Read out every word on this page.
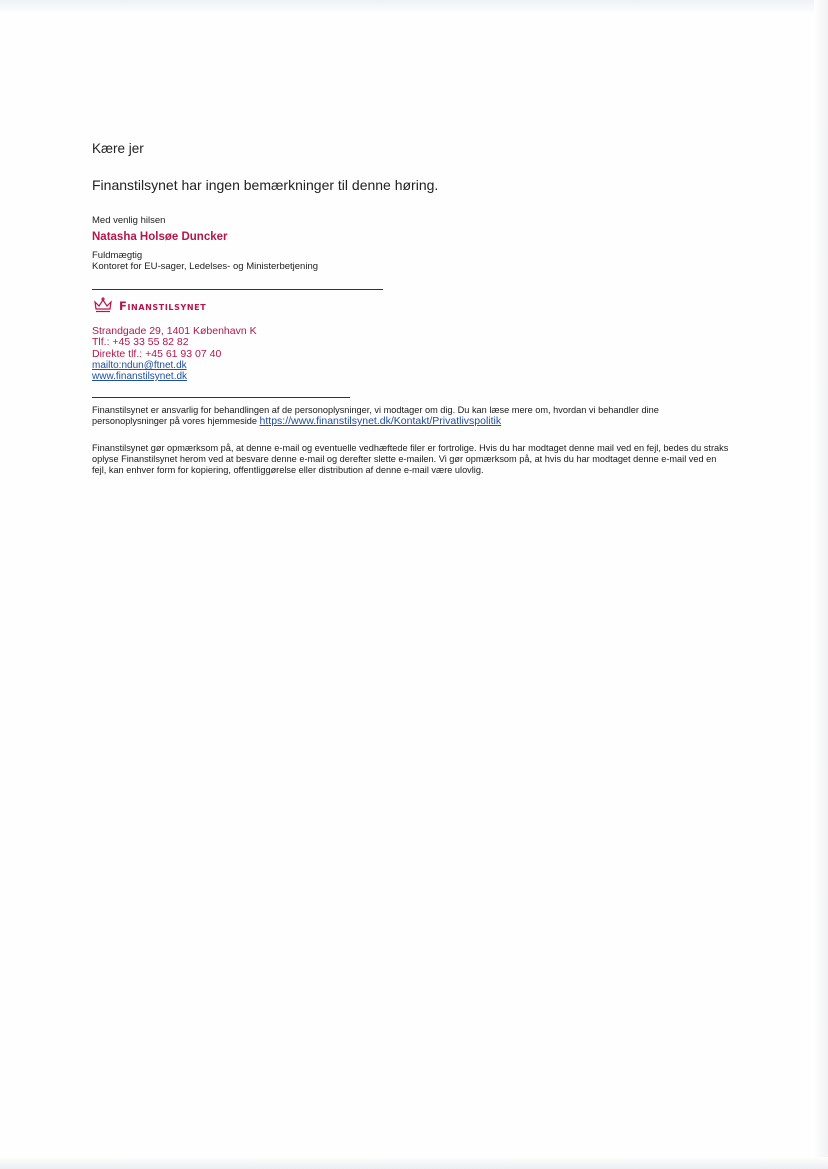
Kære jer
Finanstilsynet har ingen bemærkninger til denne høring.
Med venlig hilsen
Natasha Holsøe Duncker
Fuldmægtig
Kontoret for EU-sager, Ledelses- og Ministerbetjening
Finanstilsynet
Strandgade 29, 1401 København K
Tlf.: +45 33 55 82 82
Direkte tlf.: +45 61 93 07 40
mailto:ndun@ftnet.dk
www.finanstilsynet.dk
Finanstilsynet er ansvarlig for behandlingen af de personoplysninger, vi modtager om dig. Du kan læse mere om, hvordan vi behandler dine personoplysninger på vores hjemmeside https://www.finanstilsynet.dk/Kontakt/Privatlivspolitik
Finanstilsynet gør opmærksom på, at denne e-mail og eventuelle vedhæftede filer er fortrolige. Hvis du har modtaget denne mail ved en fejl, bedes du straks oplyse Finanstilsynet herom ved at besvare denne e-mail og derefter slette e-mailen. Vi gør opmærksom på, at hvis du har modtaget denne e-mail ved en fejl, kan enhver form for kopiering, offentliggørelse eller distribution af denne e-mail være ulovlig.
